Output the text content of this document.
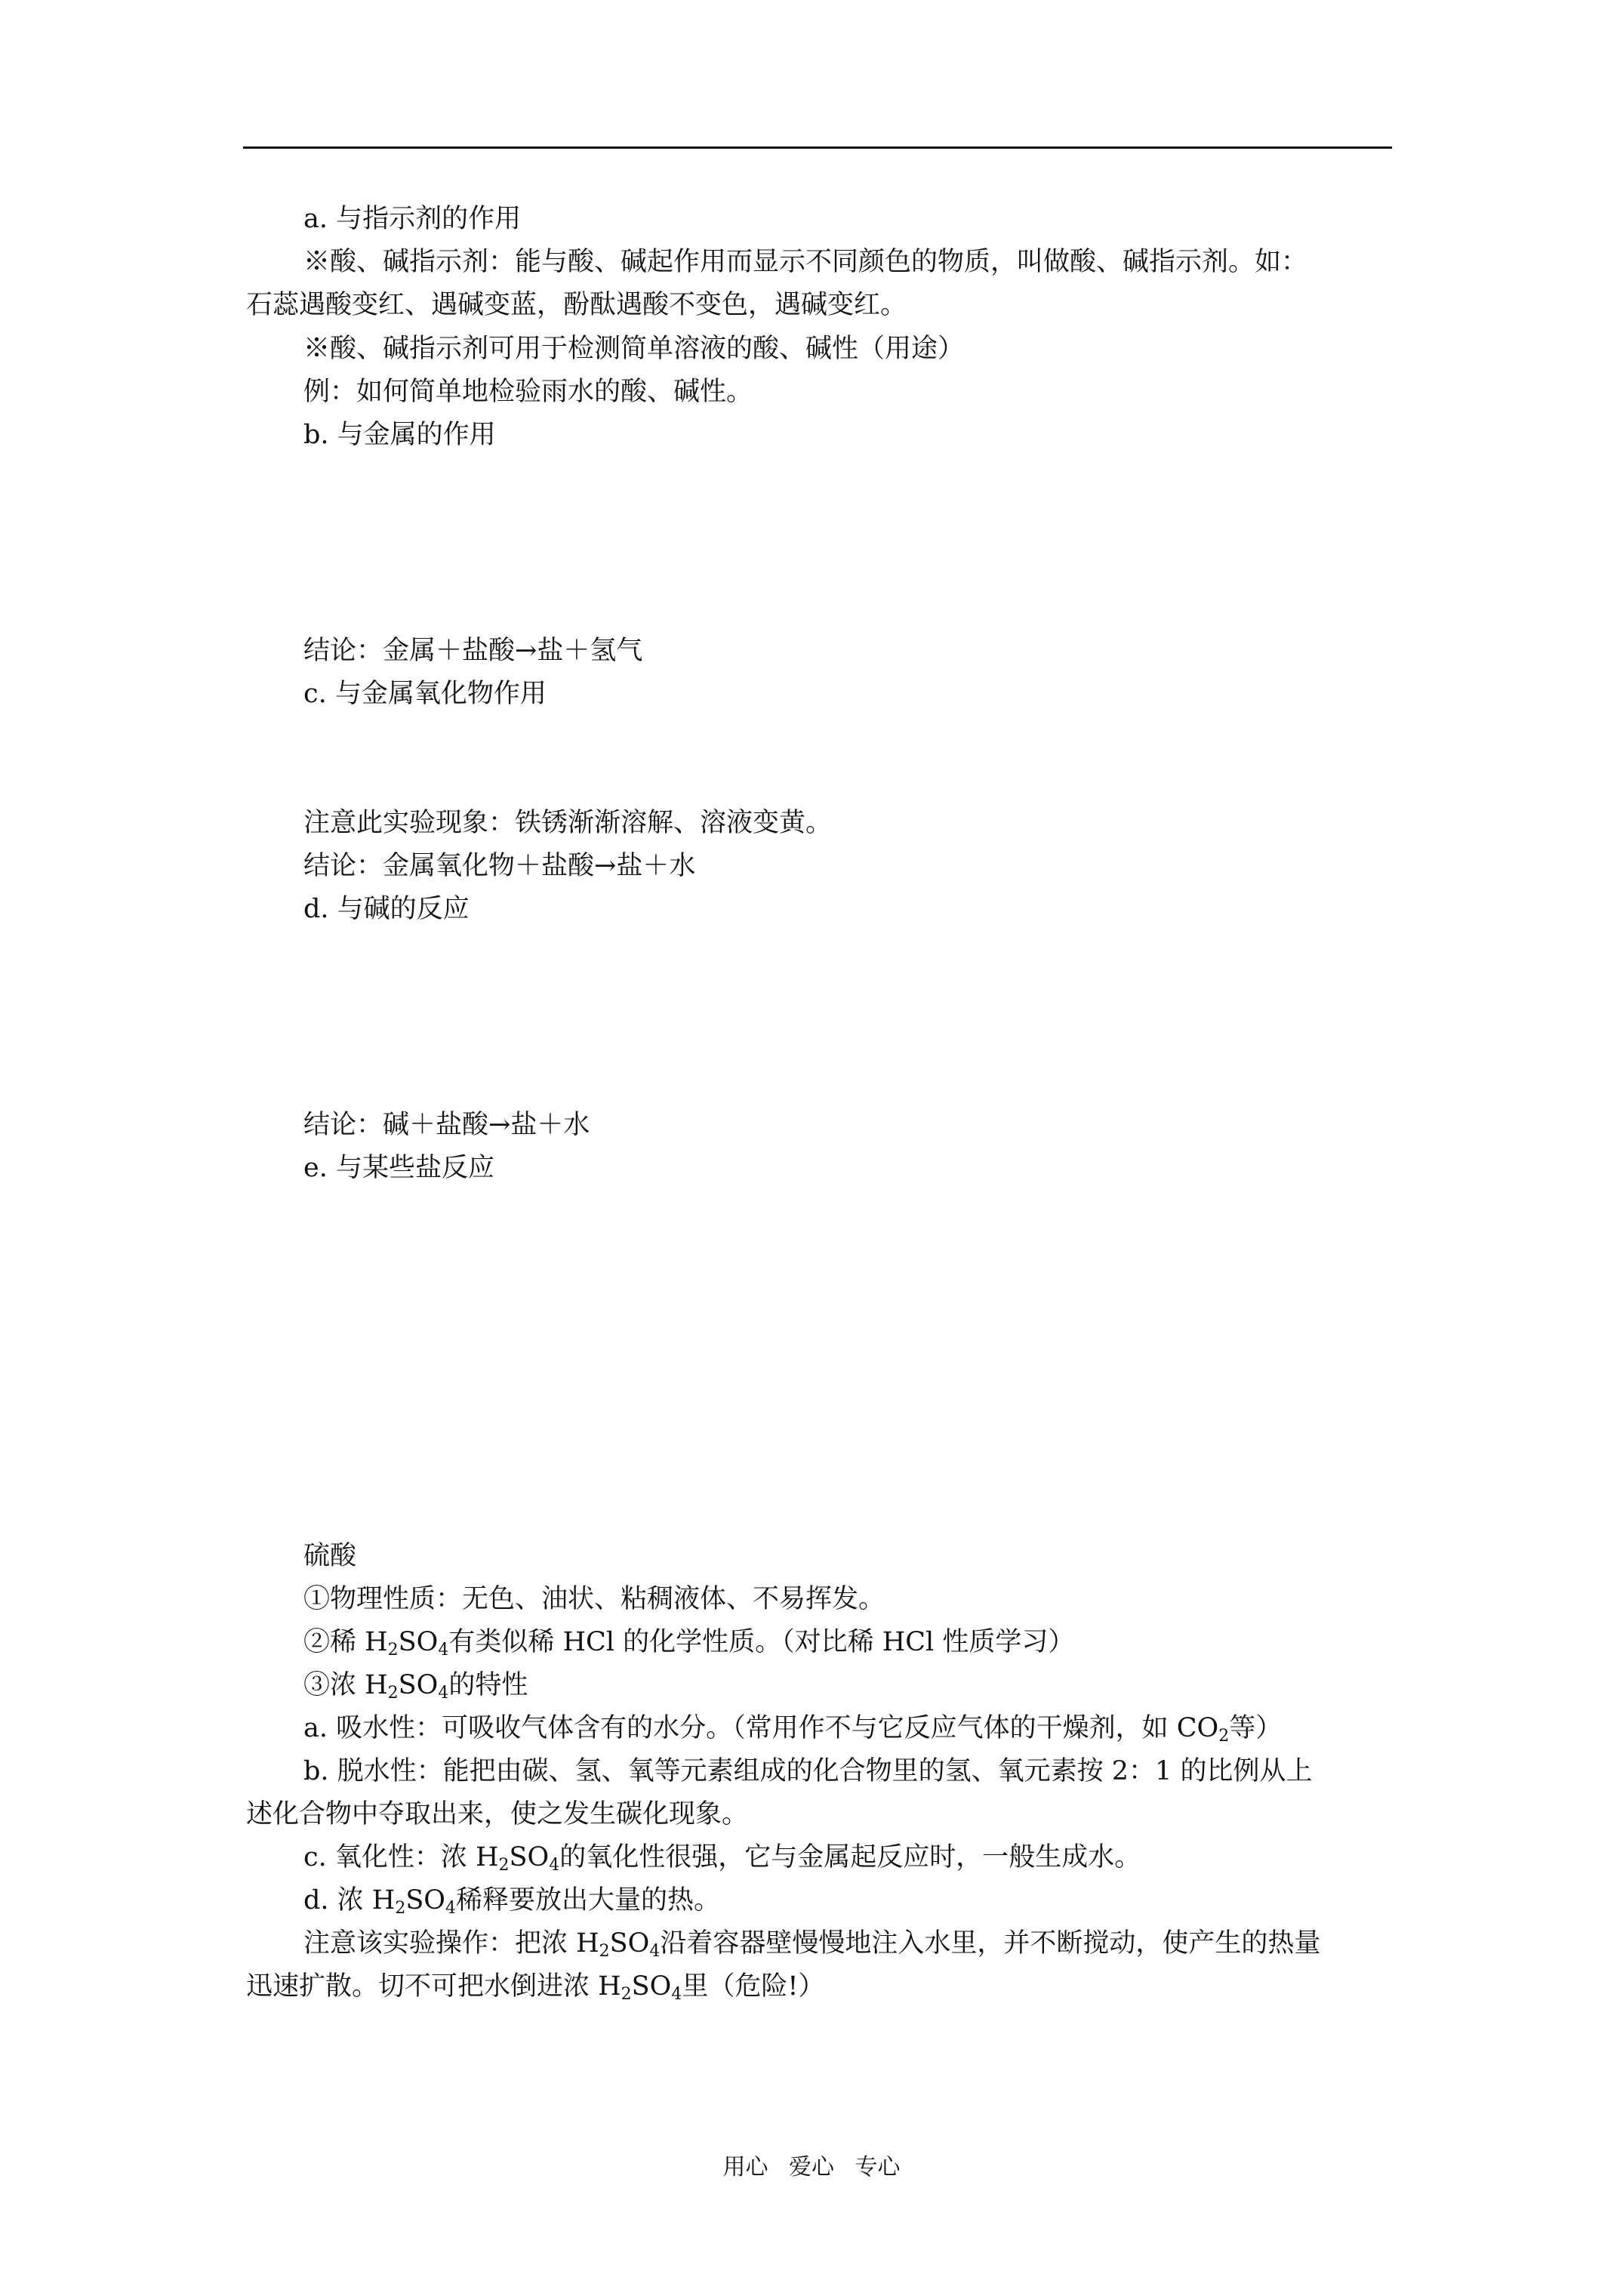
a. 与指示剂的作用
※酸、碱指示剂：能与酸、碱起作用而显示不同颜色的物质，叫做酸、碱指示剂。如：
石蕊遇酸变红、遇碱变蓝，酚酞遇酸不变色，遇碱变红。
※酸、碱指示剂可用于检测简单溶液的酸、碱性（用途）
例：如何简单地检验雨水的酸、碱性。
b. 与金属的作用
结论：金属＋盐酸→盐＋氢气
c. 与金属氧化物作用
注意此实验现象：铁锈渐渐溶解、溶液变黄。
结论：金属氧化物＋盐酸→盐＋水
d. 与碱的反应
结论：碱＋盐酸→盐＋水
e. 与某些盐反应
硫酸
①物理性质：无色、油状、粘稠液体、不易挥发。
②稀 $H_2SO_4$有类似稀 HCl 的化学性质。（对比稀 HCl 性质学习）
③浓 $H_2SO_4$的特性
a. 吸水性：可吸收气体含有的水分。（常用作不与它反应气体的干燥剂，如 $CO_2$等）
b. 脱水性：能把由碳、氢、氧等元素组成的化合物里的氢、氧元素按 2：1 的比例从上
述化合物中夺取出来，使之发生碳化现象。
c. 氧化性：浓 $H_2SO_4$的氧化性很强，它与金属起反应时，一般生成水。
d. 浓 $H_2SO_4$稀释要放出大量的热。
注意该实验操作：把浓 $H_2SO_4$沿着容器壁慢慢地注入水里，并不断搅动，使产生的热量
迅速扩散。切不可把水倒进浓 $H_2SO_4$里（危险!）
用心 爱心 专心
